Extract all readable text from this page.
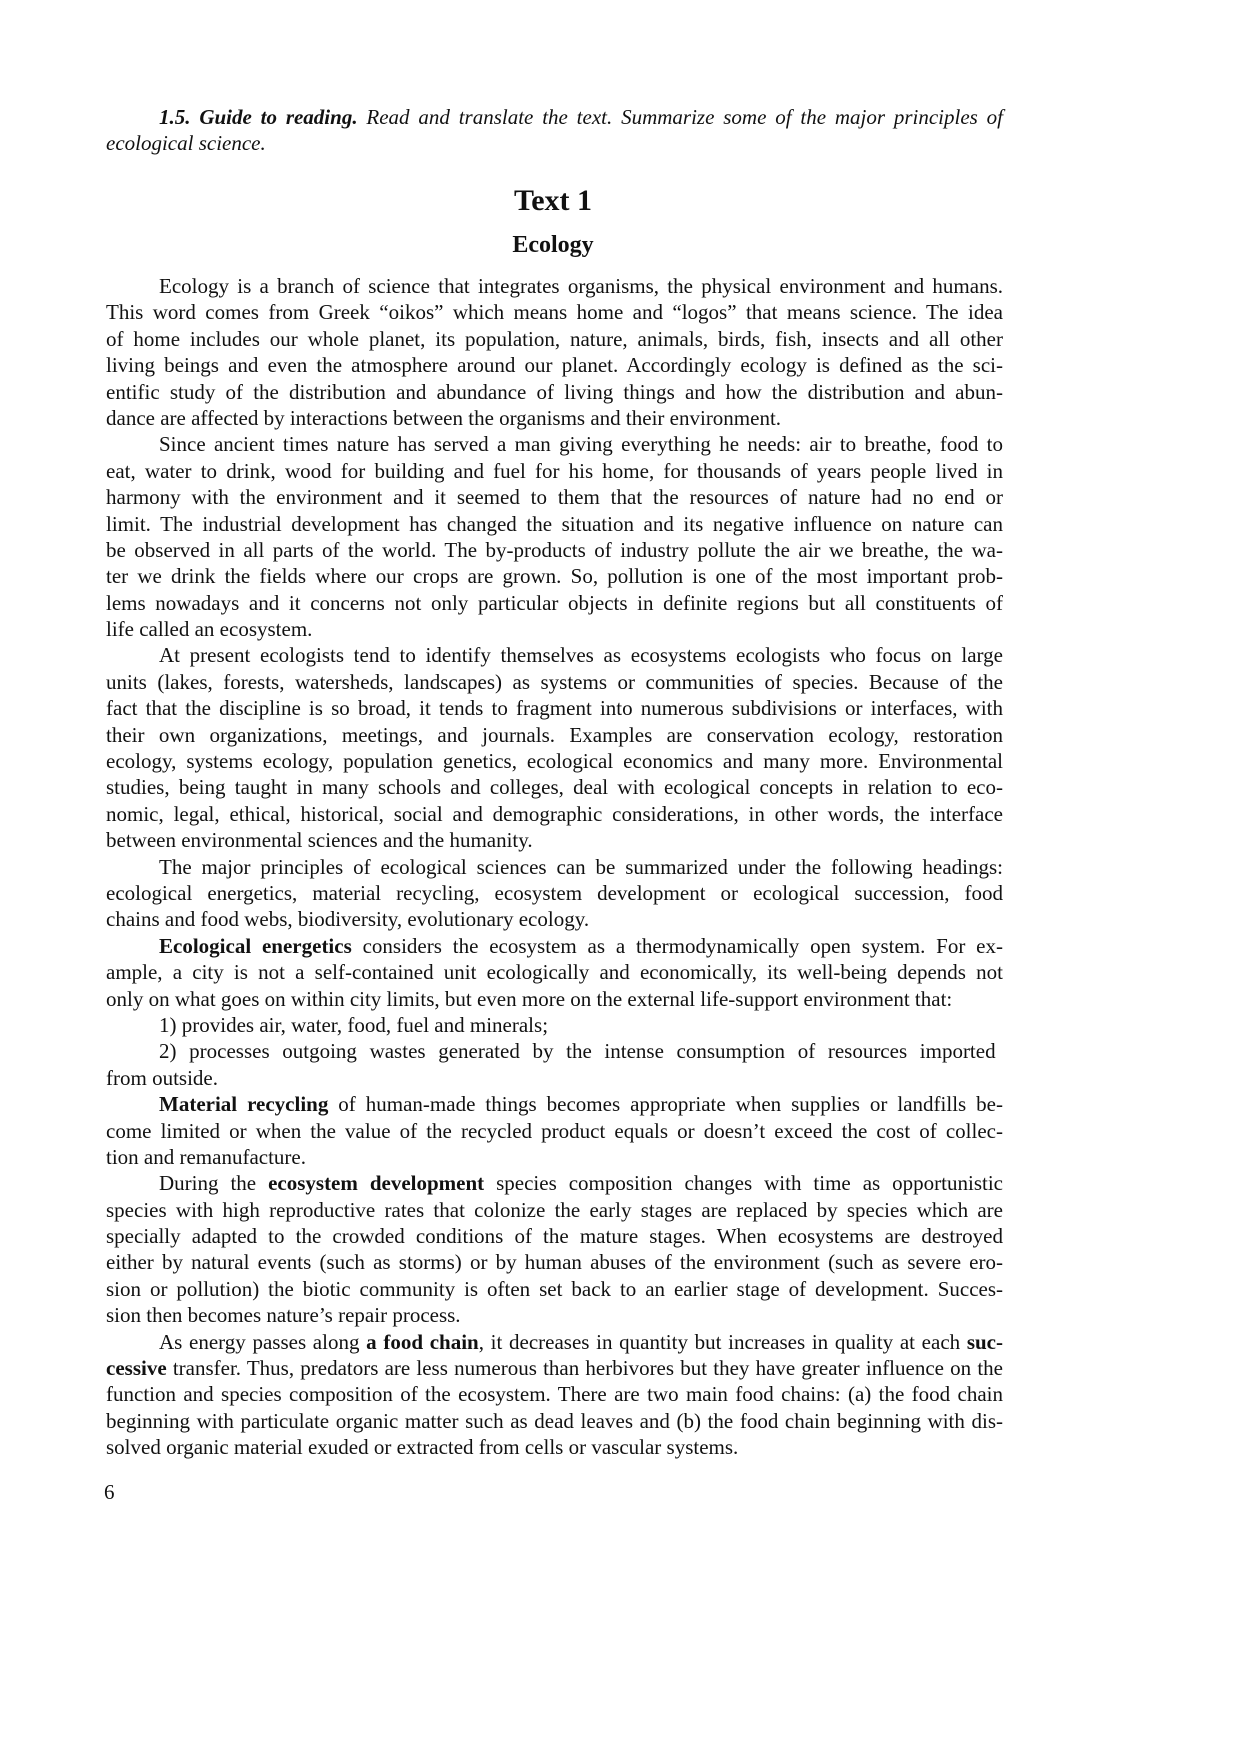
1.5. Guide to reading. Read and translate the text. Summarize some of the major principles of
ecological science.
Text 1
Ecology
Ecology is a branch of science that integrates organisms, the physical environment and humans.
This word comes from Greek “oikos” which means home and “logos” that means science. The idea
of home includes our whole planet, its population, nature, animals, birds, fish, insects and all other
living beings and even the atmosphere around our planet. Accordingly ecology is defined as the sci-
entific study of the distribution and abundance of living things and how the distribution and abun-
dance are affected by interactions between the organisms and their environment.
Since ancient times nature has served a man giving everything he needs: air to breathe, food to
eat, water to drink, wood for building and fuel for his home, for thousands of years people lived in
harmony with the environment and it seemed to them that the resources of nature had no end or
limit. The industrial development has changed the situation and its negative influence on nature can
be observed in all parts of the world. The by-products of industry pollute the air we breathe, the wa-
ter we drink the fields where our crops are grown. So, pollution is one of the most important prob-
lems nowadays and it concerns not only particular objects in definite regions but all constituents of
life called an ecosystem.
At present ecologists tend to identify themselves as ecosystems ecologists who focus on large
units (lakes, forests, watersheds, landscapes) as systems or communities of species. Because of the
fact that the discipline is so broad, it tends to fragment into numerous subdivisions or interfaces, with
their own organizations, meetings, and journals. Examples are conservation ecology, restoration
ecology, systems ecology, population genetics, ecological economics and many more. Environmental
studies, being taught in many schools and colleges, deal with ecological concepts in relation to eco-
nomic, legal, ethical, historical, social and demographic considerations, in other words, the interface
between environmental sciences and the humanity.
The major principles of ecological sciences can be summarized under the following headings:
ecological energetics, material recycling, ecosystem development or ecological succession, food
chains and food webs, biodiversity, evolutionary ecology.
Ecological energetics considers the ecosystem as a thermodynamically open system. For ex-
ample, a city is not a self-contained unit ecologically and economically, its well-being depends not
only on what goes on within city limits, but even more on the external life-support environment that:
1) provides air, water, food, fuel and minerals;
2) processes outgoing wastes generated by the intense consumption of resources imported
from outside.
Material recycling of human-made things becomes appropriate when supplies or landfills be-
come limited or when the value of the recycled product equals or doesn’t exceed the cost of collec-
tion and remanufacture.
During the ecosystem development species composition changes with time as opportunistic
species with high reproductive rates that colonize the early stages are replaced by species which are
specially adapted to the crowded conditions of the mature stages. When ecosystems are destroyed
either by natural events (such as storms) or by human abuses of the environment (such as severe ero-
sion or pollution) the biotic community is often set back to an earlier stage of development. Succes-
sion then becomes nature’s repair process.
As energy passes along a food chain, it decreases in quantity but increases in quality at each suc-
cessive transfer. Thus, predators are less numerous than herbivores but they have greater influence on the
function and species composition of the ecosystem. There are two main food chains: (a) the food chain
beginning with particulate organic matter such as dead leaves and (b) the food chain beginning with dis-
solved organic material exuded or extracted from cells or vascular systems.
6
